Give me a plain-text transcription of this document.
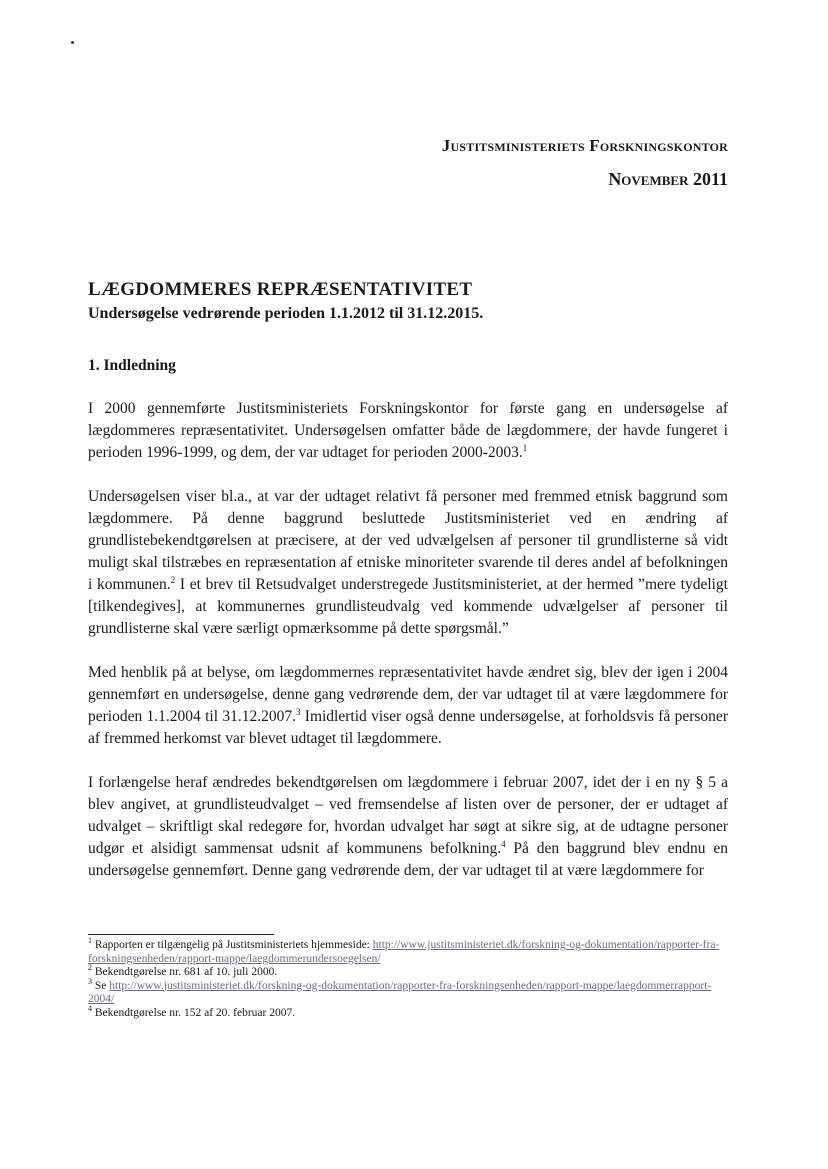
Justitsministeriets Forskningskontor
November 2011
LÆGDOMMERES REPRÆSENTATIVITET
Undersøgelse vedrørende perioden 1.1.2012 til 31.12.2015.
1. Indledning

I 2000 gennemførte Justitsministeriets Forskningskontor for første gang en undersøgelse af lægdommeres repræsentativitet. Undersøgelsen omfatter både de lægdommere, der havde fungeret i perioden 1996-1999, og dem, der var udtaget for perioden 2000-2003.$^1$

Undersøgelsen viser bl.a., at var der udtaget relativt få personer med fremmed etnisk baggrund som lægdommere. På denne baggrund besluttede Justitsministeriet ved en ændring af grundlistebekendtgørelsen at præcisere, at der ved udvælgelsen af personer til grundlisterne så vidt muligt skal tilstræbes en repræsentation af etniske minoriteter svarende til deres andel af befolkningen i kommunen.$^2$ I et brev til Retsudvalget understregede Justitsministeriet, at der hermed ”mere tydeligt [tilkendegives], at kommunernes grundlisteudvalg ved kommende udvælgelser af personer til grundlisterne skal være særligt opmærksomme på dette spørgsmål.”

Med henblik på at belyse, om lægdommernes repræsentativitet havde ændret sig, blev der igen i 2004 gennemført en undersøgelse, denne gang vedrørende dem, der var udtaget til at være lægdommere for perioden 1.1.2004 til 31.12.2007.$^3$ Imidlertid viser også denne undersøgelse, at forholdsvis få personer af fremmed herkomst var blevet udtaget til lægdommere.

I forlængelse heraf ændredes bekendtgørelsen om lægdommere i februar 2007, idet der i en ny § 5 a blev angivet, at grundlisteudvalget – ved fremsendelse af listen over de personer, der er udtaget af udvalget – skriftligt skal redegøre for, hvordan udvalget har søgt at sikre sig, at de udtagne personer udgør et alsidigt sammensat udsnit af kommunens befolkning.$^4$ På den baggrund blev endnu en undersøgelse gennemført. Denne gang vedrørende dem, der var udtaget til at være lægdommere for

$^1$ Rapporten er tilgængelig på Justitsministeriets hjemmeside: http://www.justitsministeriet.dk/forskning-og-dokumentation/rapporter-fra-forskningsenheden/rapport-mappe/laegdommerundersoegelsen/

$^2$ Bekendtgørelse nr. 681 af 10. juli 2000.

$^3$ Se http://www.justitsministeriet.dk/forskning-og-dokumentation/rapporter-fra-forskningsenheden/rapport-mappe/laegdommerrapport-2004/

$^4$ Bekendtgørelse nr. 152 af 20. februar 2007.
